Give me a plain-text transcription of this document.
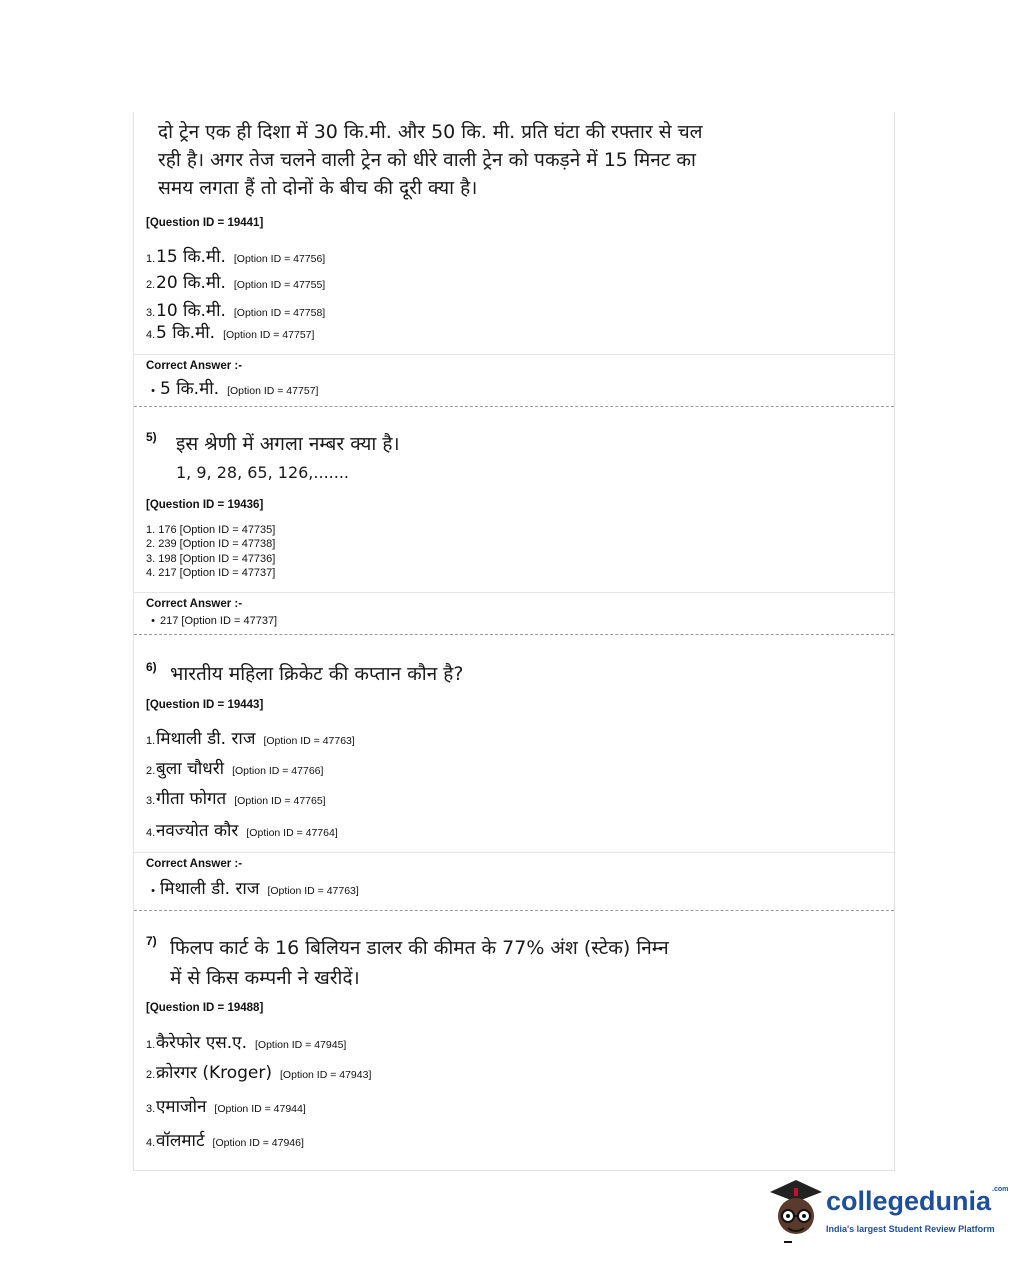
दो ट्रेन एक ही दिशा में 30 कि.मी. और 50 कि. मी. प्रति घंटा की रफ्तार से चल
रही है। अगर तेज चलने वाली ट्रेन को धीरे वाली ट्रेन को पकड़ने में 15 मिनट का
समय लगता हैं तो दोनों के बीच की दूरी क्या है।
[Question ID = 19441]
1.15 कि.मी. [Option ID = 47756]
2.20 कि.मी. [Option ID = 47755]
3.10 कि.मी. [Option ID = 47758]
4.5 कि.मी. [Option ID = 47757]
Correct Answer :-
• 5 कि.मी. [Option ID = 47757]
5) इस श्रेणी में अगला नम्बर क्या है।
1, 9, 28, 65, 126,.......
[Question ID = 19436]
1. 176 [Option ID = 47735]
2. 239 [Option ID = 47738]
3. 198 [Option ID = 47736]
4. 217 [Option ID = 47737]
Correct Answer :-
• 217 [Option ID = 47737]
6) भारतीय महिला क्रिकेट की कप्तान कौन है?
[Question ID = 19443]
1.मिथाली डी. राज [Option ID = 47763]
2.बुला चौधरी [Option ID = 47766]
3.गीता फोगत [Option ID = 47765]
4.नवज्योत कौर [Option ID = 47764]
Correct Answer :-
• मिथाली डी. राज [Option ID = 47763]
7) फिलप कार्ट के 16 बिलियन डालर की कीमत के 77% अंश (स्टेक) निम्न
में से किस कम्पनी ने खरीदें।
[Question ID = 19488]
1.कैरेफोर एस.ए. [Option ID = 47945]
2.क्रोरगर (Kroger) [Option ID = 47943]
3.एमाजोन [Option ID = 47944]
4.वॉलमार्ट [Option ID = 47946]
collegedunia$^{.com}$
India's largest Student Review Platform
